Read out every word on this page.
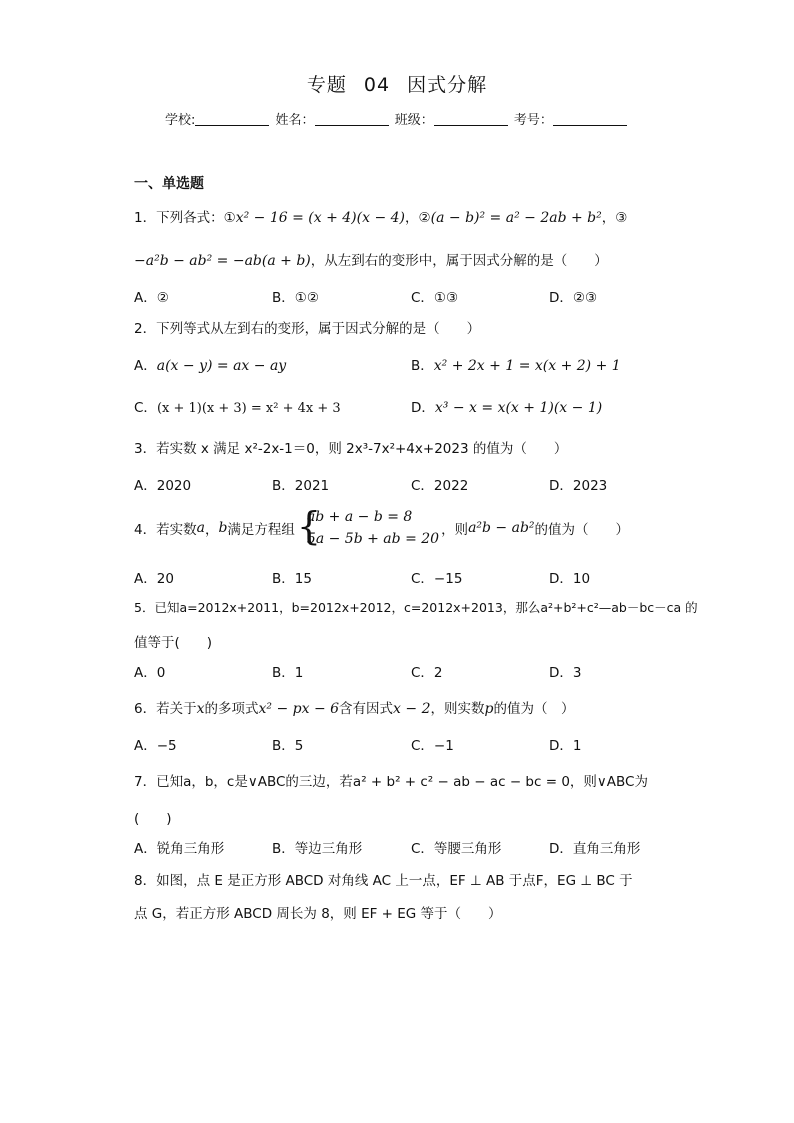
专题 04 因式分解
学校:	姓名：	班级：	考号：
一、单选题
1．下列各式：①x² − 16 = (x + 4)(x − 4)，②(a − b)² = a² − 2ab + b²，③
−a²b − ab² = −ab(a + b)，从左到右的变形中，属于因式分解的是（　　）
A．②	B．①②	C．①③	D．②③
2．下列等式从左到右的变形，属于因式分解的是（　　）
A．a(x − y) = ax − ay	B．x² + 2x + 1 = x(x + 2) + 1
C．(x + 1)(x + 3) = x² + 4x + 3	D．x³ − x = x(x + 1)(x − 1)
3．若实数 x 满足 x²-2x-1＝0，则 2x³-7x²+4x+2023 的值为（　　）
A．2020	B．2021	C．2022	D．2023
4．若实数a，b满足方程组 {
ab + a − b = 8
5a − 5b + ab = 20，则a²b − ab²的值为（　　）
A．20	B．15	C．−15	D．10
5．已知a=2012x+2011，b=2012x+2012，c=2012x+2013，那么a²+b²+c²—ab－bc－ca 的
值等于(　　)
A．0	B．1	C．2	D．3
6．若关于x的多项式x² − px − 6含有因式x − 2，则实数p的值为（　）
A．−5	B．5	C．−1	D．1
7．已知a，b，c是∨ABC的三边，若a² + b² + c² − ab − ac − bc = 0，则∨ABC为
(　　)
A．锐角三角形	B．等边三角形	C．等腰三角形	D．直角三角形
8．如图，点 E 是正方形 ABCD 对角线 AC 上一点，EF ⊥ AB 于点F，EG ⊥ BC 于
点 G，若正方形 ABCD 周长为 8，则 EF + EG 等于（　　）
